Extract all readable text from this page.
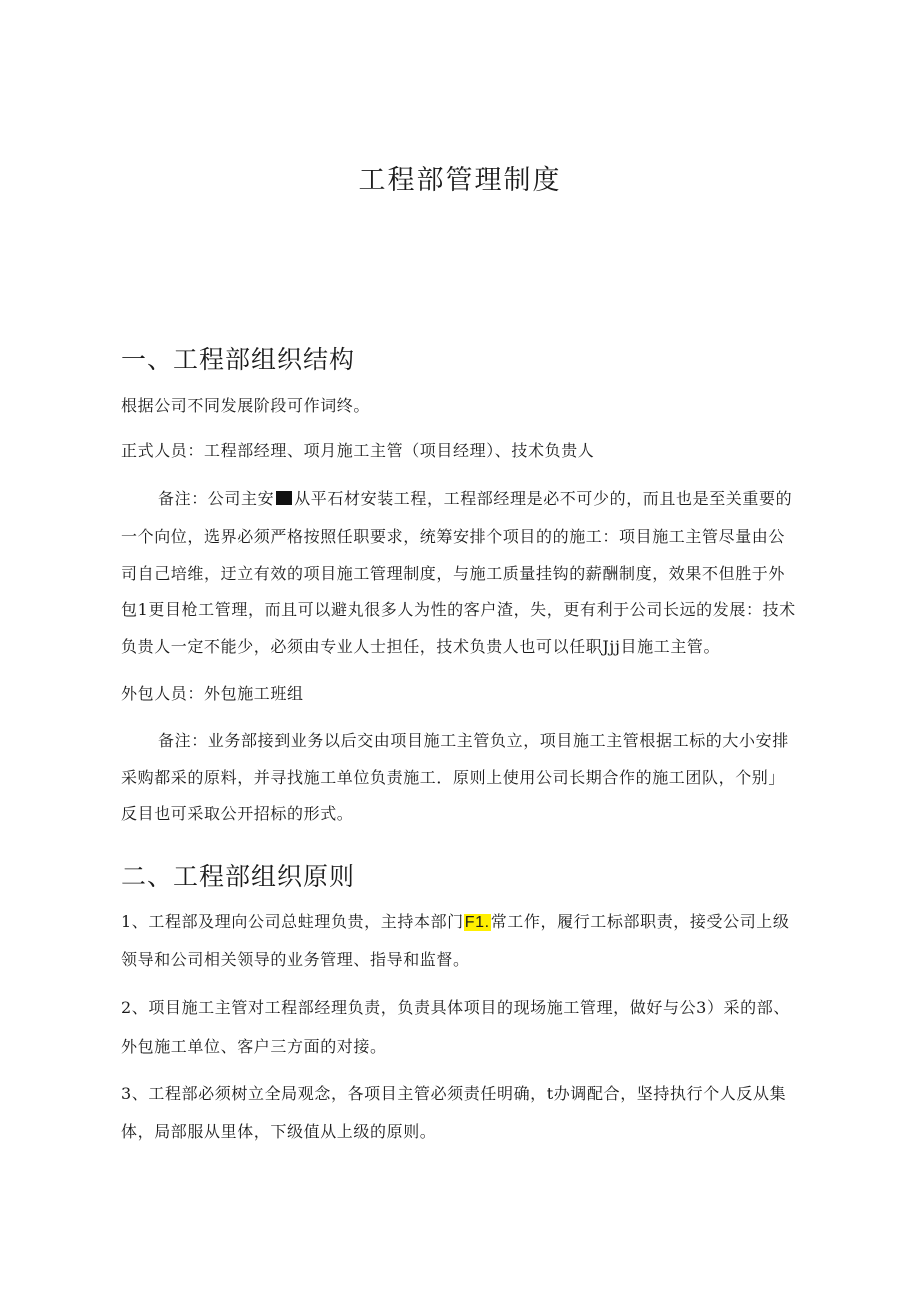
工程部管理制度
一、工程部组织结构

根据公司不同发展阶段可作词终。

正式人员：工程部经理、项月施工主管（项目经理）、技术负贵人

备注：公司主安 从平石材安装工程，工程部经理是必不可少的，而且也是至关重要的

一个向位，选界必须严格按照任职要求，统筹安排个项目的的施工：项目施工主管尽量由公

司自己培维，迂立有效的项目施工管理制度，与施工质量挂钩的薪酬制度，效果不但胜于外

包1更目枪工管理，而且可以避丸很多人为性的客户渣，失，更有利于公司长远的发展：技术

负贵人一定不能少，必须由专业人士担任，技术负贵人也可以任职Jjj目施工主管。

外包人员：外包施工班组

备注：业务部接到业务以后交由项目施工主管负立，项目施工主管根据工标的大小安排

采购都采的原料，并寻找施工单位负责施工．原则上使用公司长期合作的施工团队，个别」

反目也可采取公开招标的形式。

二、工程部组织原则

1、工程部及理向公司总蛀理负贵，主持本部门F1.常工作，履行工标部职责，接受公司上级

领导和公司相关领导的业务管理、指导和监督。

2、项目施工主管对工程部经理负责，负责具体项目的现场施工管理，做好与公3）采的部、

外包施工单位、客户三方面的对接。

3、工程部必须树立全局观念，各项目主管必须责任明确，t办调配合，坚持执行个人反从集

体，局部服从里体，下级值从上级的原则。
